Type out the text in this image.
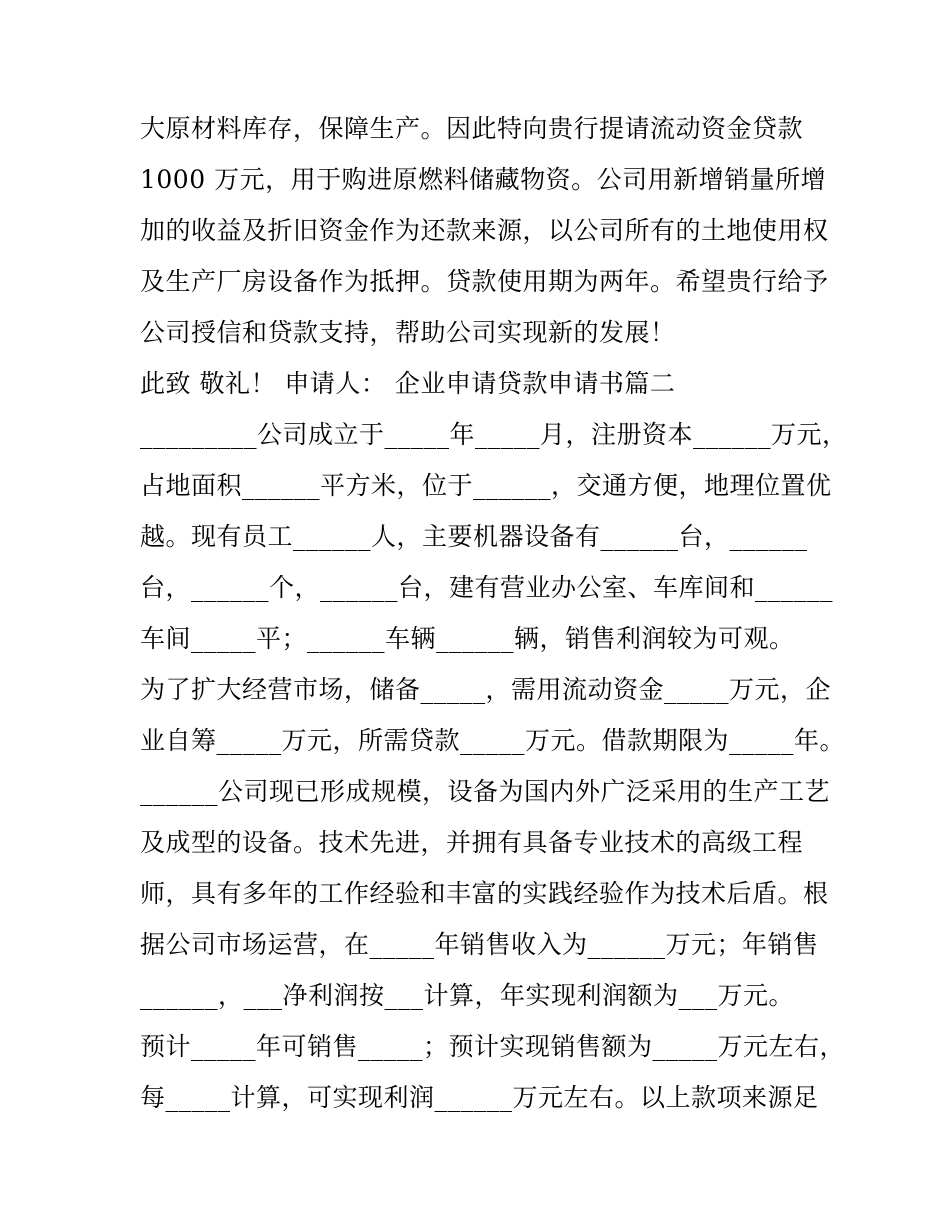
大原材料库存，保障生产。因此特向贵行提请流动资金贷款
1000 万元，用于购进原燃料储藏物资。公司用新增销量所增
加的收益及折旧资金作为还款来源，以公司所有的土地使用权
及生产厂房设备作为抵押。贷款使用期为两年。希望贵行给予
公司授信和贷款支持，帮助公司实现新的发展！
此致 敬礼！ 申请人： 企业申请贷款申请书篇二
_________公司成立于_____年_____月，注册资本______万元，
占地面积______平方米，位于______，交通方便，地理位置优
越。现有员工______人，主要机器设备有______台，______
台，______个，______台，建有营业办公室、车库间和______
车间_____平；______车辆______辆，销售利润较为可观。
为了扩大经营市场，储备_____，需用流动资金_____万元，企
业自筹_____万元，所需贷款_____万元。借款期限为_____年。
______公司现已形成规模，设备为国内外广泛采用的生产工艺
及成型的设备。技术先进，并拥有具备专业技术的高级工程
师，具有多年的工作经验和丰富的实践经验作为技术后盾。根
据公司市场运营，在_____年销售收入为______万元；年销售
______，___净利润按___计算，年实现利润额为___万元。
预计_____年可销售_____；预计实现销售额为_____万元左右，
每_____计算，可实现利润______万元左右。以上款项来源足
